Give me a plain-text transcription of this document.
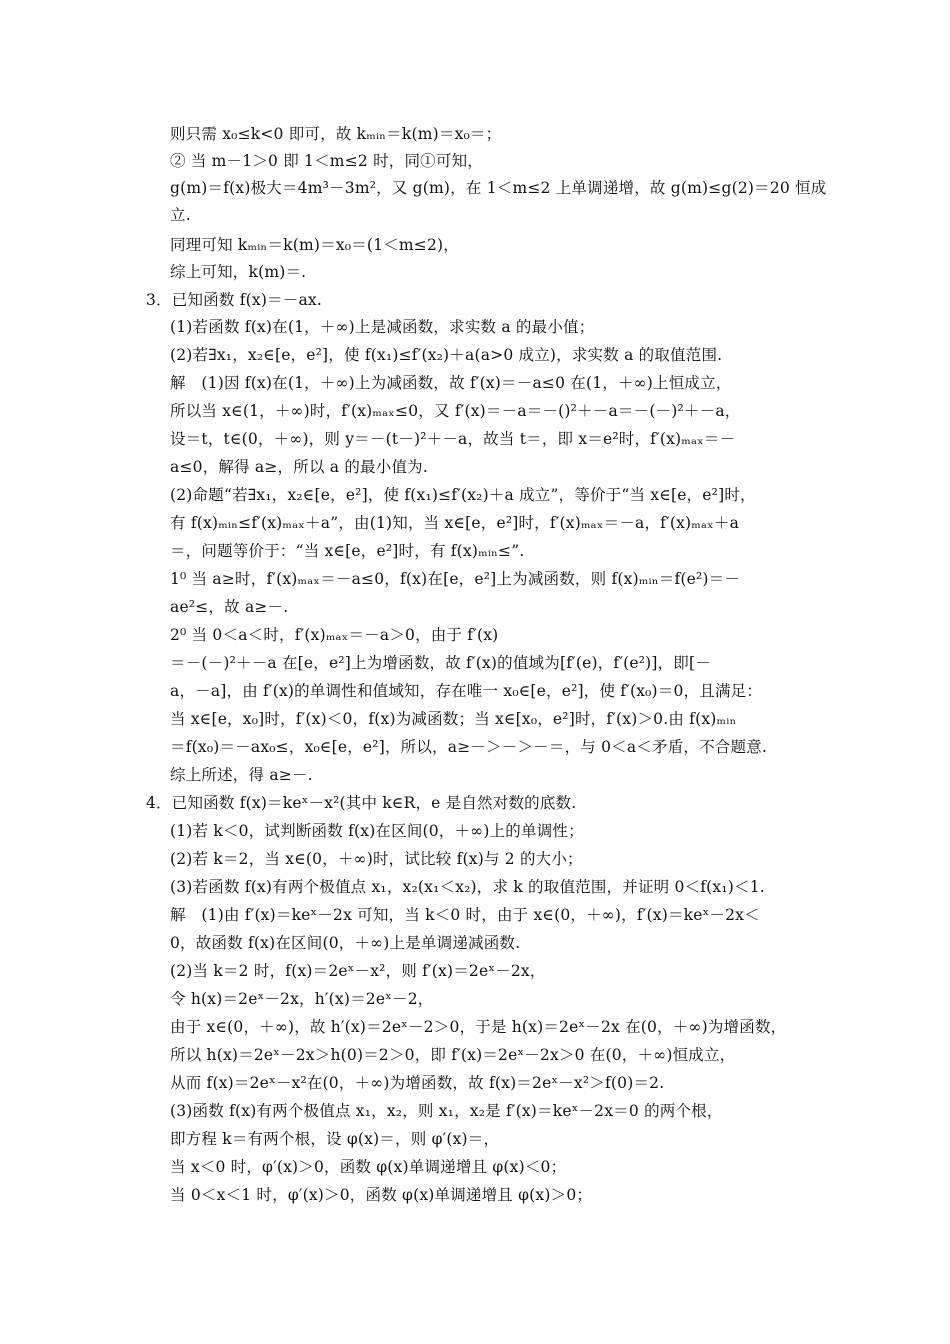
则只需 x₀≤k<0 即可，故 kₘᵢₙ＝k(m)＝x₀＝；
② 当 m－1＞0 即 1＜m≤2 时，同①可知，
g(m)＝f(x)极大＝4m³－3m²，又 g(m)，在 1＜m≤2 上单调递增，故 g(m)≤g(2)＝20 恒成
立.
同理可知 kₘᵢₙ＝k(m)＝x₀＝(1＜m≤2)，
综上可知，k(m)＝.
3．已知函数 f(x)＝－ax.
(1)若函数 f(x)在(1，＋∞)上是减函数，求实数 a 的最小值；
(2)若∃x₁，x₂∈[e，e²]，使 f(x₁)≤f′(x₂)＋a(a>0 成立)，求实数 a 的取值范围.
解　(1)因 f(x)在(1，＋∞)上为减函数，故 f′(x)＝－a≤0 在(1，＋∞)上恒成立，
所以当 x∈(1，＋∞)时，f′(x)ₘₐₓ≤0，又 f′(x)＝－a＝－()²＋－a＝－(－)²＋－a，
设＝t，t∈(0，＋∞)，则 y＝－(t－)²＋－a，故当 t＝，即 x＝e²时，f′(x)ₘₐₓ＝－
a≤0，解得 a≥，所以 a 的最小值为.
(2)命题“若∃x₁，x₂∈[e，e²]，使 f(x₁)≤f′(x₂)＋a 成立”，等价于“当 x∈[e，e²]时，
有 f(x)ₘᵢₙ≤f′(x)ₘₐₓ＋a”，由(1)知，当 x∈[e，e²]时，f′(x)ₘₐₓ＝－a，f′(x)ₘₐₓ＋a
＝，问题等价于：“当 x∈[e，e²]时，有 f(x)ₘᵢₙ≤”.
1⁰ 当 a≥时，f′(x)ₘₐₓ＝－a≤0，f(x)在[e，e²]上为减函数，则 f(x)ₘᵢₙ＝f(e²)＝－
ae²≤，故 a≥－.
2⁰ 当 0＜a＜时，f′(x)ₘₐₓ＝－a＞0，由于 f′(x)
＝－(－)²＋－a 在[e，e²]上为增函数，故 f′(x)的值域为[f′(e)，f′(e²)]，即[－
a，－a]，由 f′(x)的单调性和值域知，存在唯一 x₀∈[e，e²]，使 f′(x₀)＝0，且满足：
当 x∈[e，x₀]时，f′(x)＜0，f(x)为减函数；当 x∈[x₀，e²]时，f′(x)＞0.由 f(x)ₘᵢₙ
＝f(x₀)＝－ax₀≤，x₀∈[e，e²]，所以，a≥－＞－＞－＝，与 0＜a＜矛盾，不合题意.
综上所述，得 a≥－.
4．已知函数 f(x)＝keˣ－x²(其中 k∈R，e 是自然对数的底数.
(1)若 k＜0，试判断函数 f(x)在区间(0，＋∞)上的单调性；
(2)若 k＝2，当 x∈(0，＋∞)时，试比较 f(x)与 2 的大小；
(3)若函数 f(x)有两个极值点 x₁，x₂(x₁＜x₂)，求 k 的取值范围，并证明 0＜f(x₁)＜1.
解　(1)由 f′(x)＝keˣ－2x 可知，当 k＜0 时，由于 x∈(0，＋∞)，f′(x)＝keˣ－2x＜
0，故函数 f(x)在区间(0，＋∞)上是单调递减函数.
(2)当 k＝2 时，f(x)＝2eˣ－x²，则 f′(x)＝2eˣ－2x，
令 h(x)＝2eˣ－2x，h′(x)＝2eˣ－2，
由于 x∈(0，＋∞)，故 h′(x)＝2eˣ－2＞0，于是 h(x)＝2eˣ－2x 在(0，＋∞)为增函数，
所以 h(x)＝2eˣ－2x＞h(0)＝2＞0，即 f′(x)＝2eˣ－2x＞0 在(0，＋∞)恒成立，
从而 f(x)＝2eˣ－x²在(0，＋∞)为增函数，故 f(x)＝2eˣ－x²＞f(0)＝2.
(3)函数 f(x)有两个极值点 x₁，x₂，则 x₁，x₂是 f′(x)＝keˣ－2x＝0 的两个根，
即方程 k＝有两个根，设 φ(x)＝，则 φ′(x)＝，
当 x＜0 时，φ′(x)＞0，函数 φ(x)单调递增且 φ(x)＜0；
当 0＜x＜1 时，φ′(x)＞0，函数 φ(x)单调递增且 φ(x)＞0；
